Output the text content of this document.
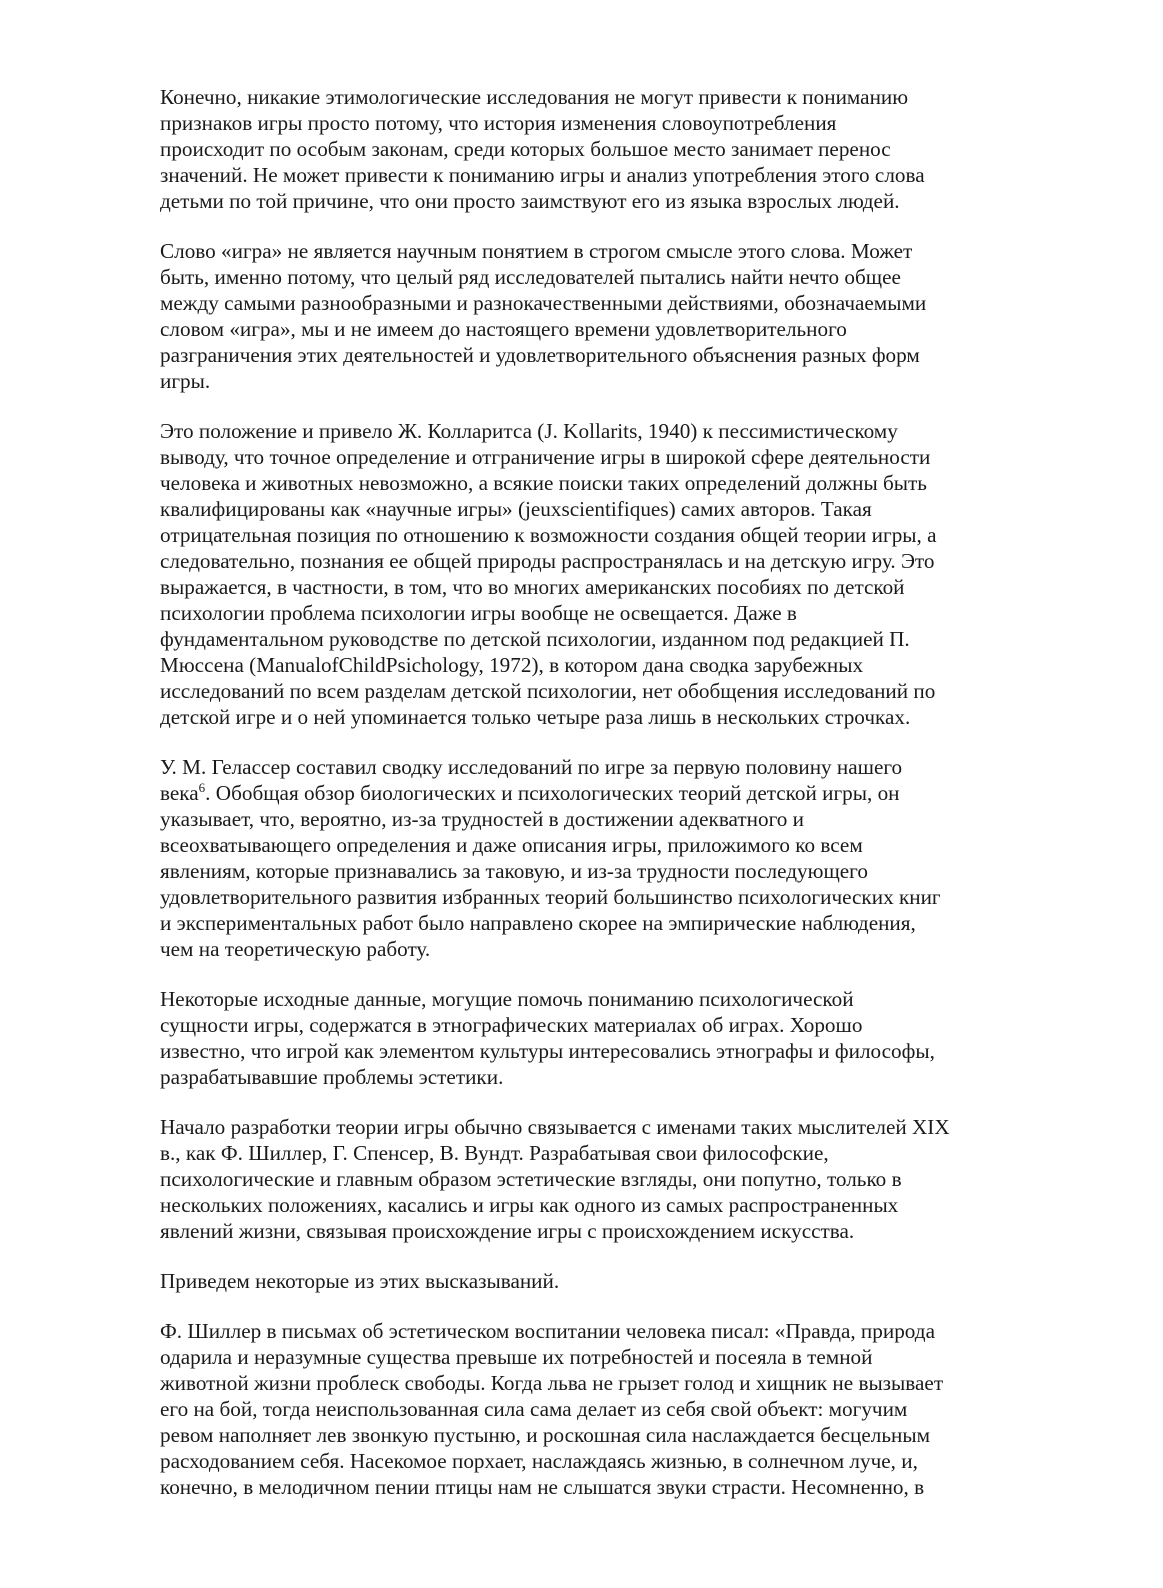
Конечно, никакие этимологические исследования не могут привести к пониманию
признаков игры просто потому, что история изменения словоупотребления
происходит по особым законам, среди которых большое место занимает перенос
значений. Не может привести к пониманию игры и анализ употребления этого слова
детьми по той причине, что они просто заимствуют его из языка взрослых людей.
Слово «игра» не является научным понятием в строгом смысле этого слова. Может
быть, именно потому, что целый ряд исследователей пытались найти нечто общее
между самыми разнообразными и разнокачественными действиями, обозначаемыми
словом «игра», мы и не имеем до настоящего времени удовлетворительного
разграничения этих деятельностей и удовлетворительного объяснения разных форм
игры.
Это положение и привело Ж. Колларитса (J. Kollarits, 1940) к пессимистическому
выводу, что точное определение и отграничение игры в широкой сфере деятельности
человека и животных невозможно, а всякие поиски таких определений должны быть
квалифицированы как «научные игры» (jeuxscientifiques) самих авторов. Такая
отрицательная позиция по отношению к возможности создания общей теории игры, а
следовательно, познания ее общей природы распространялась и на детскую игру. Это
выражается, в частности, в том, что во многих американских пособиях по детской
психологии проблема психологии игры вообще не освещается. Даже в
фундаментальном руководстве по детской психологии, изданном под редакцией П.
Мюссена (ManualofChildPsichology, 1972), в котором дана сводка зарубежных
исследований по всем разделам детской психологии, нет обобщения исследований по
детской игре и о ней упоминается только четыре раза лишь в нескольких строчках.
У. М. Гелассер составил сводку исследований по игре за первую половину нашего
века$^6$. Обобщая обзор биологических и психологических теорий детской игры, он
указывает, что, вероятно, из-за трудностей в достижении адекватного и
всеохватывающего определения и даже описания игры, приложимого ко всем
явлениям, которые признавались за таковую, и из-за трудности последующего
удовлетворительного развития избранных теорий большинство психологических книг
и экспериментальных работ было направлено скорее на эмпирические наблюдения,
чем на теоретическую работу.
Некоторые исходные данные, могущие помочь пониманию психологической
сущности игры, содержатся в этнографических материалах об играх. Хорошо
известно, что игрой как элементом культуры интересовались этнографы и философы,
разрабатывавшие проблемы эстетики.
Начало разработки теории игры обычно связывается с именами таких мыслителей XIX
в., как Ф. Шиллер, Г. Спенсер, В. Вундт. Разрабатывая свои философские,
психологические и главным образом эстетические взгляды, они попутно, только в
нескольких положениях, касались и игры как одного из самых распространенных
явлений жизни, связывая происхождение игры с происхождением искусства.
Приведем некоторые из этих высказываний.
Ф. Шиллер в письмах об эстетическом воспитании человека писал: «Правда, природа
одарила и неразумные существа превыше их потребностей и посеяла в темной
животной жизни проблеск свободы. Когда льва не грызет голод и хищник не вызывает
его на бой, тогда неиспользованная сила сама делает из себя свой объект: могучим
ревом наполняет лев звонкую пустыню, и роскошная сила наслаждается бесцельным
расходованием себя. Насекомое порхает, наслаждаясь жизнью, в солнечном луче, и,
конечно, в мелодичном пении птицы нам не слышатся звуки страсти. Несомненно, в
